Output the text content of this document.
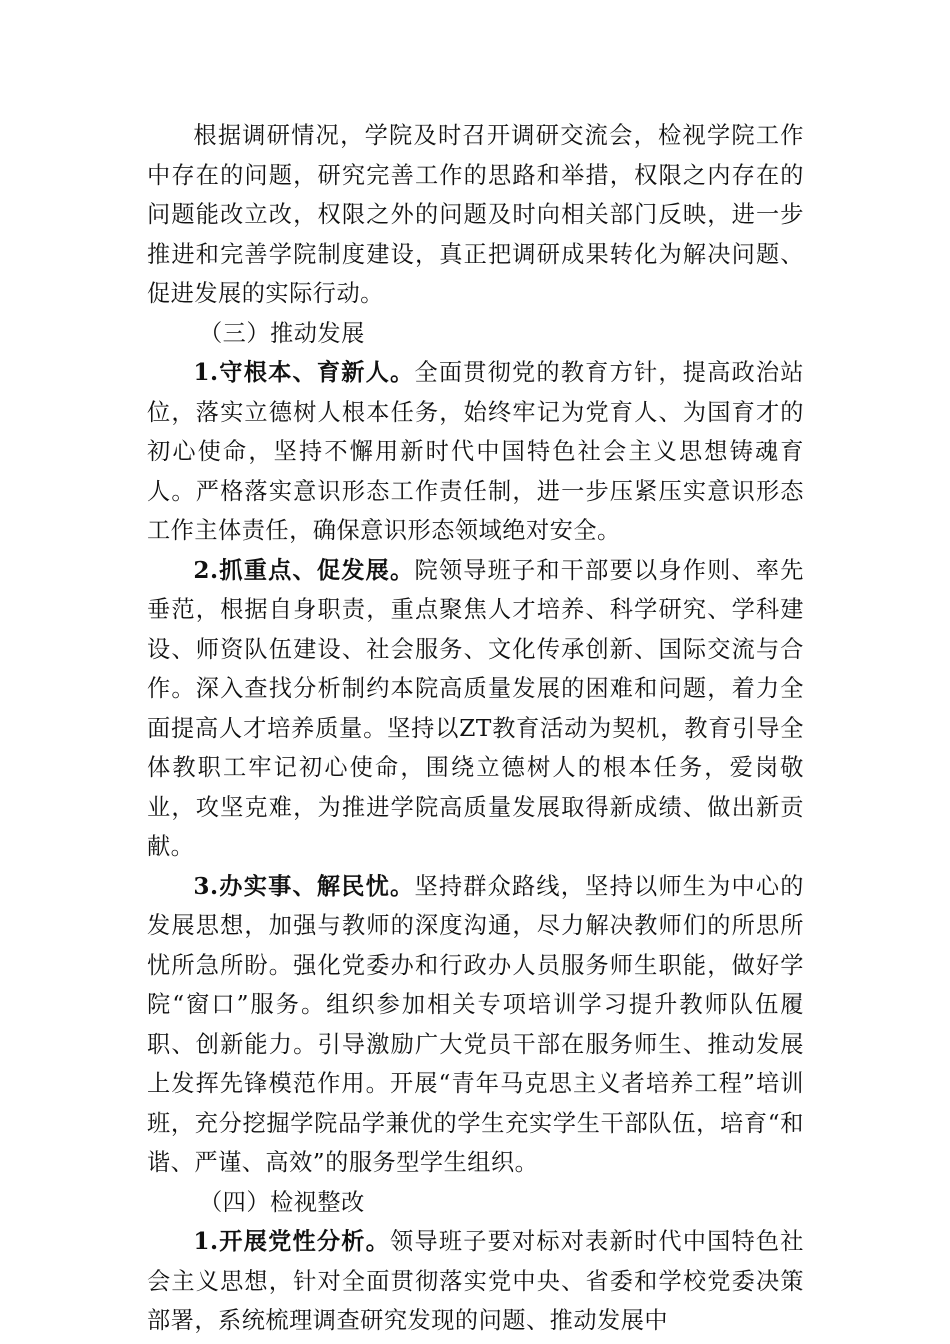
根据调研情况，学院及时召开调研交流会，检视学院工作中存在的问题，研究完善工作的思路和举措，权限之内存在的问题能改立改，权限之外的问题及时向相关部门反映，进一步推进和完善学院制度建设，真正把调研成果转化为解决问题、促进发展的实际行动。

（三）推动发展

1.守根本、育新人。全面贯彻党的教育方针，提高政治站位，落实立德树人根本任务，始终牢记为党育人、为国育才的初心使命，坚持不懈用新时代中国特色社会主义思想铸魂育人。严格落实意识形态工作责任制，进一步压紧压实意识形态工作主体责任，确保意识形态领域绝对安全。

2.抓重点、促发展。院领导班子和干部要以身作则、率先垂范，根据自身职责，重点聚焦人才培养、科学研究、学科建设、师资队伍建设、社会服务、文化传承创新、国际交流与合作。深入查找分析制约本院高质量发展的困难和问题，着力全面提高人才培养质量。坚持以ZT教育活动为契机，教育引导全体教职工牢记初心使命，围绕立德树人的根本任务，爱岗敬业，攻坚克难，为推进学院高质量发展取得新成绩、做出新贡献。

3.办实事、解民忧。坚持群众路线，坚持以师生为中心的发展思想，加强与教师的深度沟通，尽力解决教师们的所思所忧所急所盼。强化党委办和行政办人员服务师生职能，做好学院“窗口”服务。组织参加相关专项培训学习提升教师队伍履职、创新能力。引导激励广大党员干部在服务师生、推动发展上发挥先锋模范作用。开展“青年马克思主义者培养工程”培训班，充分挖掘学院品学兼优的学生充实学生干部队伍，培育“和谐、严谨、高效”的服务型学生组织。

（四）检视整改

1.开展党性分析。领导班子要对标对表新时代中国特色社会主义思想，针对全面贯彻落实党中央、省委和学校党委决策部署，系统梳理调查研究发现的问题、推动发展中
